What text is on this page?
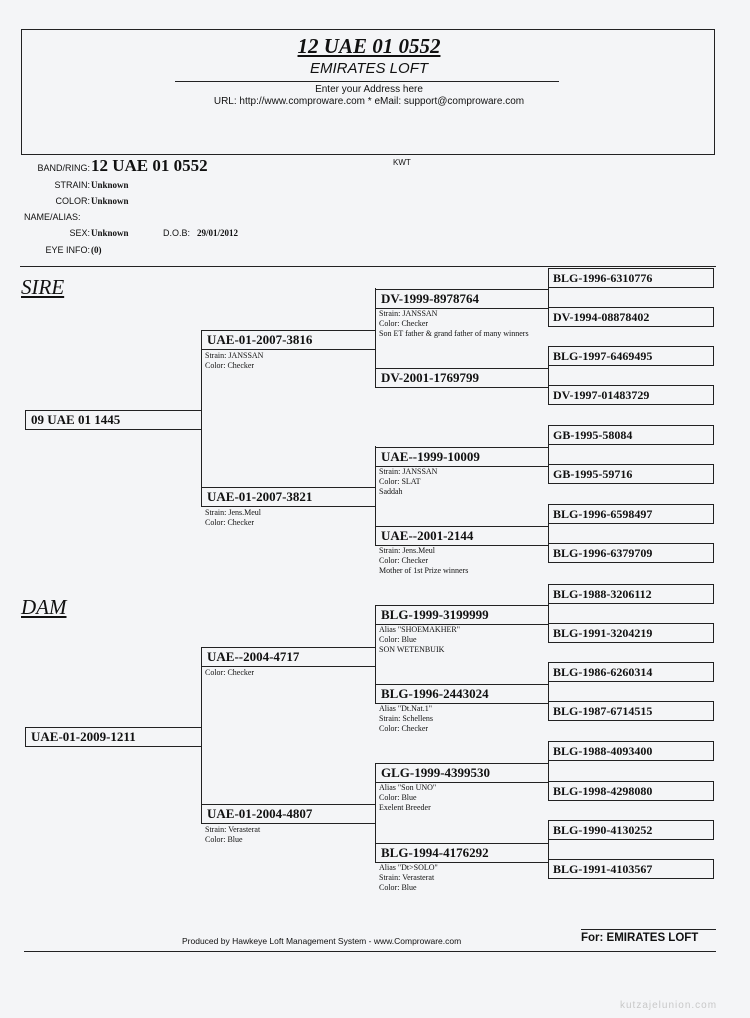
12 UAE 01 0552
EMIRATES LOFT
Enter your Address here
URL: http://www.comproware.com * eMail: support@comproware.com
BAND/RING: 12 UAE 01 0552	KWT
STRAIN: Unknown
COLOR: Unknown
NAME/ALIAS:
SEX: Unknown	D.O.B: 29/01/2012
EYE INFO: (0)
SIRE
DAM
09 UAE 01 1445
UAE-01-2009-1211
UAE-01-2007-3816
Strain: JANSSAN
Color: Checker
UAE-01-2007-3821
Strain: Jens.Meul
Color: Checker
UAE--2004-4717
Color: Checker
UAE-01-2004-4807
Strain: Verasterat
Color: Blue
DV-1999-8978764
Strain: JANSSAN
Color: Checker
Son ET father & grand father of many winners
DV-2001-1769799
UAE--1999-10009
Strain: JANSSAN
Color: SLAT
Saddah
UAE--2001-2144
Strain: Jens.Meul
Color: Checker
Mother of 1st Prize winners
BLG-1999-3199999
Alias "SHOEMAKHER"
Color: Blue
SON WETENBUIK
BLG-1996-2443024
Alias "Dt.Nat.1"
Strain: Schellens
Color: Checker
GLG-1999-4399530
Alias "Son UNO"
Color: Blue
Exelent Breeder
BLG-1994-4176292
Alias "Dt>SOLO"
Strain: Verasterat
Color: Blue
BLG-1996-6310776
DV-1994-08878402
BLG-1997-6469495
DV-1997-01483729
GB-1995-58084
GB-1995-59716
BLG-1996-6598497
BLG-1996-6379709
BLG-1988-3206112
BLG-1991-3204219
BLG-1986-6260314
BLG-1987-6714515
BLG-1988-4093400
BLG-1998-4298080
BLG-1990-4130252
BLG-1991-4103567
Produced by Hawkeye Loft Management System - www.Comproware.com	For: EMIRATES LOFT
kutzajelunion.com
